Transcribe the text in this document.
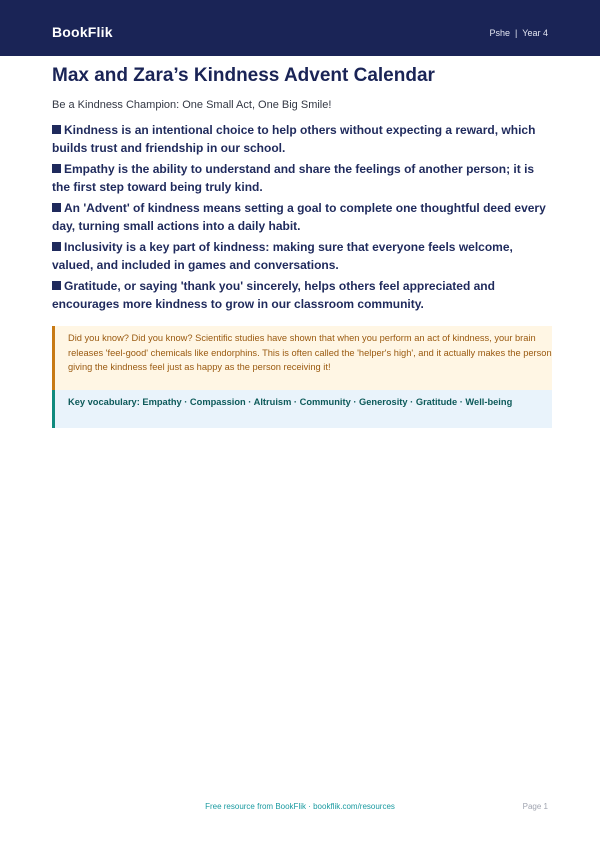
BookFlik	Pshe | Year 4
Max and Zara’s Kindness Advent Calendar
Be a Kindness Champion: One Small Act, One Big Smile!
Kindness is an intentional choice to help others without expecting a reward, which builds trust and friendship in our school.
Empathy is the ability to understand and share the feelings of another person; it is the first step toward being truly kind.
An 'Advent' of kindness means setting a goal to complete one thoughtful deed every day, turning small actions into a daily habit.
Inclusivity is a key part of kindness: making sure that everyone feels welcome, valued, and included in games and conversations.
Gratitude, or saying 'thank you' sincerely, helps others feel appreciated and encourages more kindness to grow in our classroom community.
Did you know? Did you know? Scientific studies have shown that when you perform an act of kindness, your brain releases 'feel-good' chemicals like endorphins. This is often called the 'helper's high', and it actually makes the person giving the kindness feel just as happy as the person receiving it!
Key vocabulary: Empathy · Compassion · Altruism · Community · Generosity · Gratitude · Well-being
Free resource from BookFlik · bookflik.com/resources	Page 1
